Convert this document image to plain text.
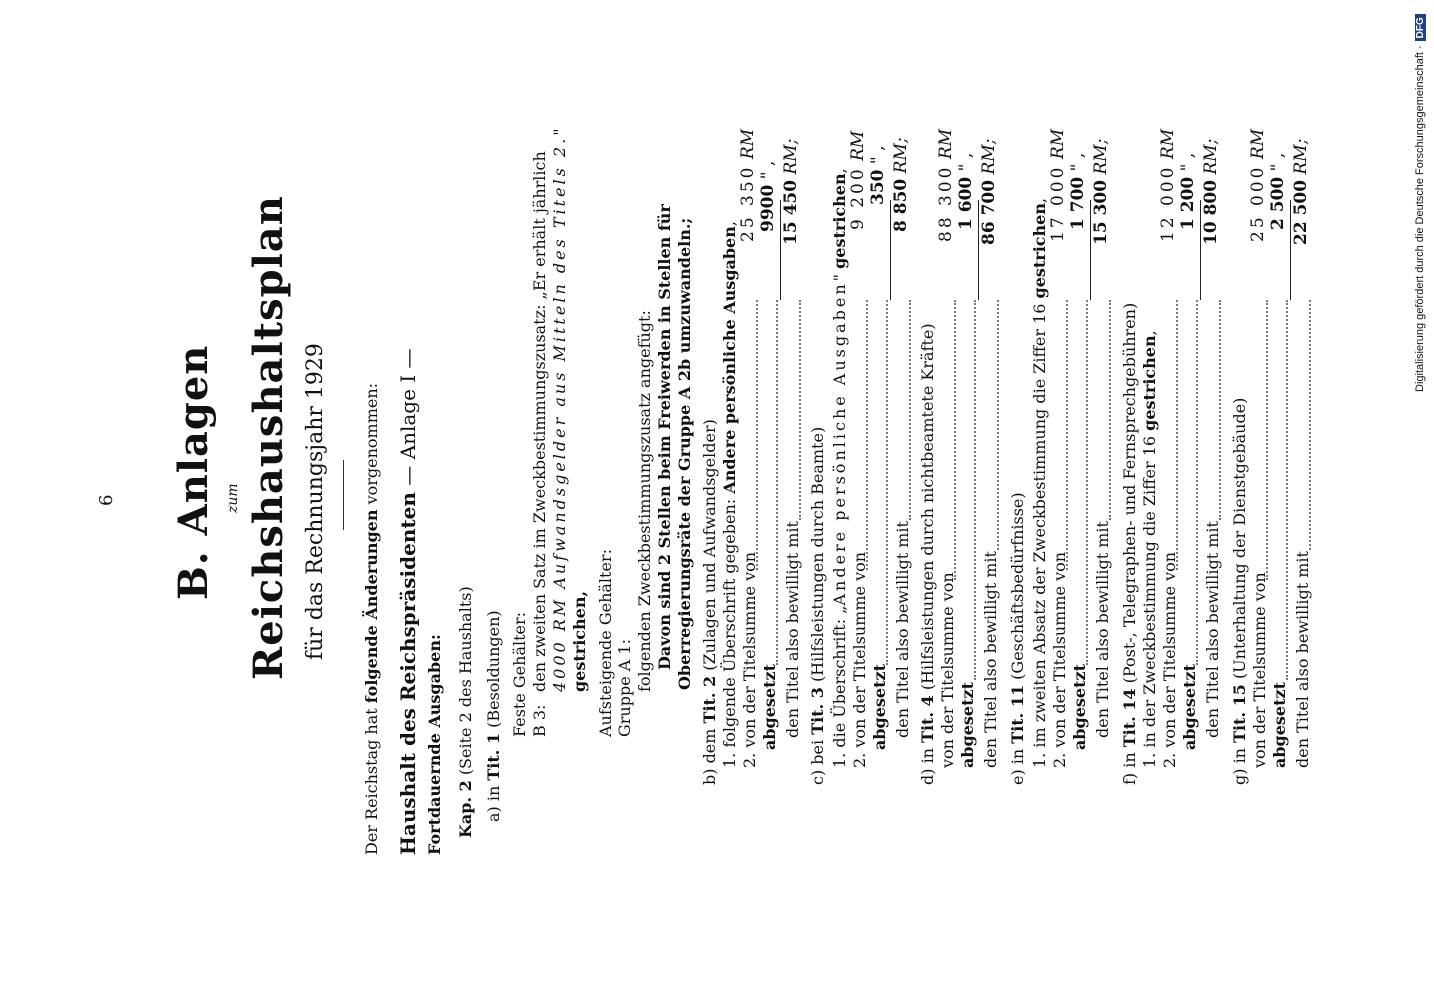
6 B. Anlagen zum Reichshaushaltsplan für das Rechnungsjahr 1929
Der Reichstag hat folgende Änderungen vorgenommen:
Haushalt des Reichspräsidenten — Anlage I —
Fortdauernde Ausgaben: Kap. 2 (Seite 2 des Haushalts)
a) in Tit. 1 (Besoldungen) Feste Gehälter: B 3:
den zweiten Satz im Zweckbestimmungszusatz: „Er erhält jährlich 4000 RM Aufwandsgelder aus Mitteln des Titels 2." gestrichen, Aufsteigende Gehälter: Gruppe A 1: folgenden Zweckbestimmungszusatz angefügt: Davon sind 2 Stellen beim Freiwerden in Stellen für Oberregierungsräte der Gruppe A 2b umzuwandeln.;
b) dem Tit. 2 (Zulagen und Aufwandsgelder) 1. folgende Überschrift gegeben: Andere persönliche Ausgaben,
2. von der Titelsumme von
25 350 RM
abgesetzt
9900 " ,
den Titel also bewilligt mit
15 450 RM;
c) bei Tit. 3 (Hilfsleistungen durch Beamte) 1. die Überschrift: „Andere persönliche Ausgaben" gestrichen,
2. von der Titelsumme von
9 200 RM
abgesetzt
350 " ,
den Titel also bewilligt mit
8 850 RM;
d) in Tit. 4 (Hilfsleistungen durch nichtbeamtete Kräfte) von der Titelsumme von
88 300 RM
abgesetzt
1 600 " ,
den Titel also bewilligt mit
86 700 RM;
e) in Tit. 11 (Geschäftsbedürfnisse) 1. im zweiten Absatz der Zweckbestimmung die Ziffer 16 gestrichen,
2. von der Titelsumme von
17 000 RM
abgesetzt
1 700 " ,
den Titel also bewilligt mit
15 300 RM;
f) in Tit. 14 (Post-, Telegraphen- und Fernsprechgebühren) 1. in der Zweckbestimmung die Ziffer 16 gestrichen,
2. von der Titelsumme von
12 000 RM
abgesetzt
1 200 " ,
den Titel also bewilligt mit
10 800 RM;
g) in Tit. 15 (Unterhaltung der Dienstgebäude) von der Titelsumme von
25 000 RM
abgesetzt
2 500 " ,
den Titel also bewilligt mit
22 500 RM;	Digitalisierung gefördert durch die Deutsche Forschungsgemeinschaft ·DFG
